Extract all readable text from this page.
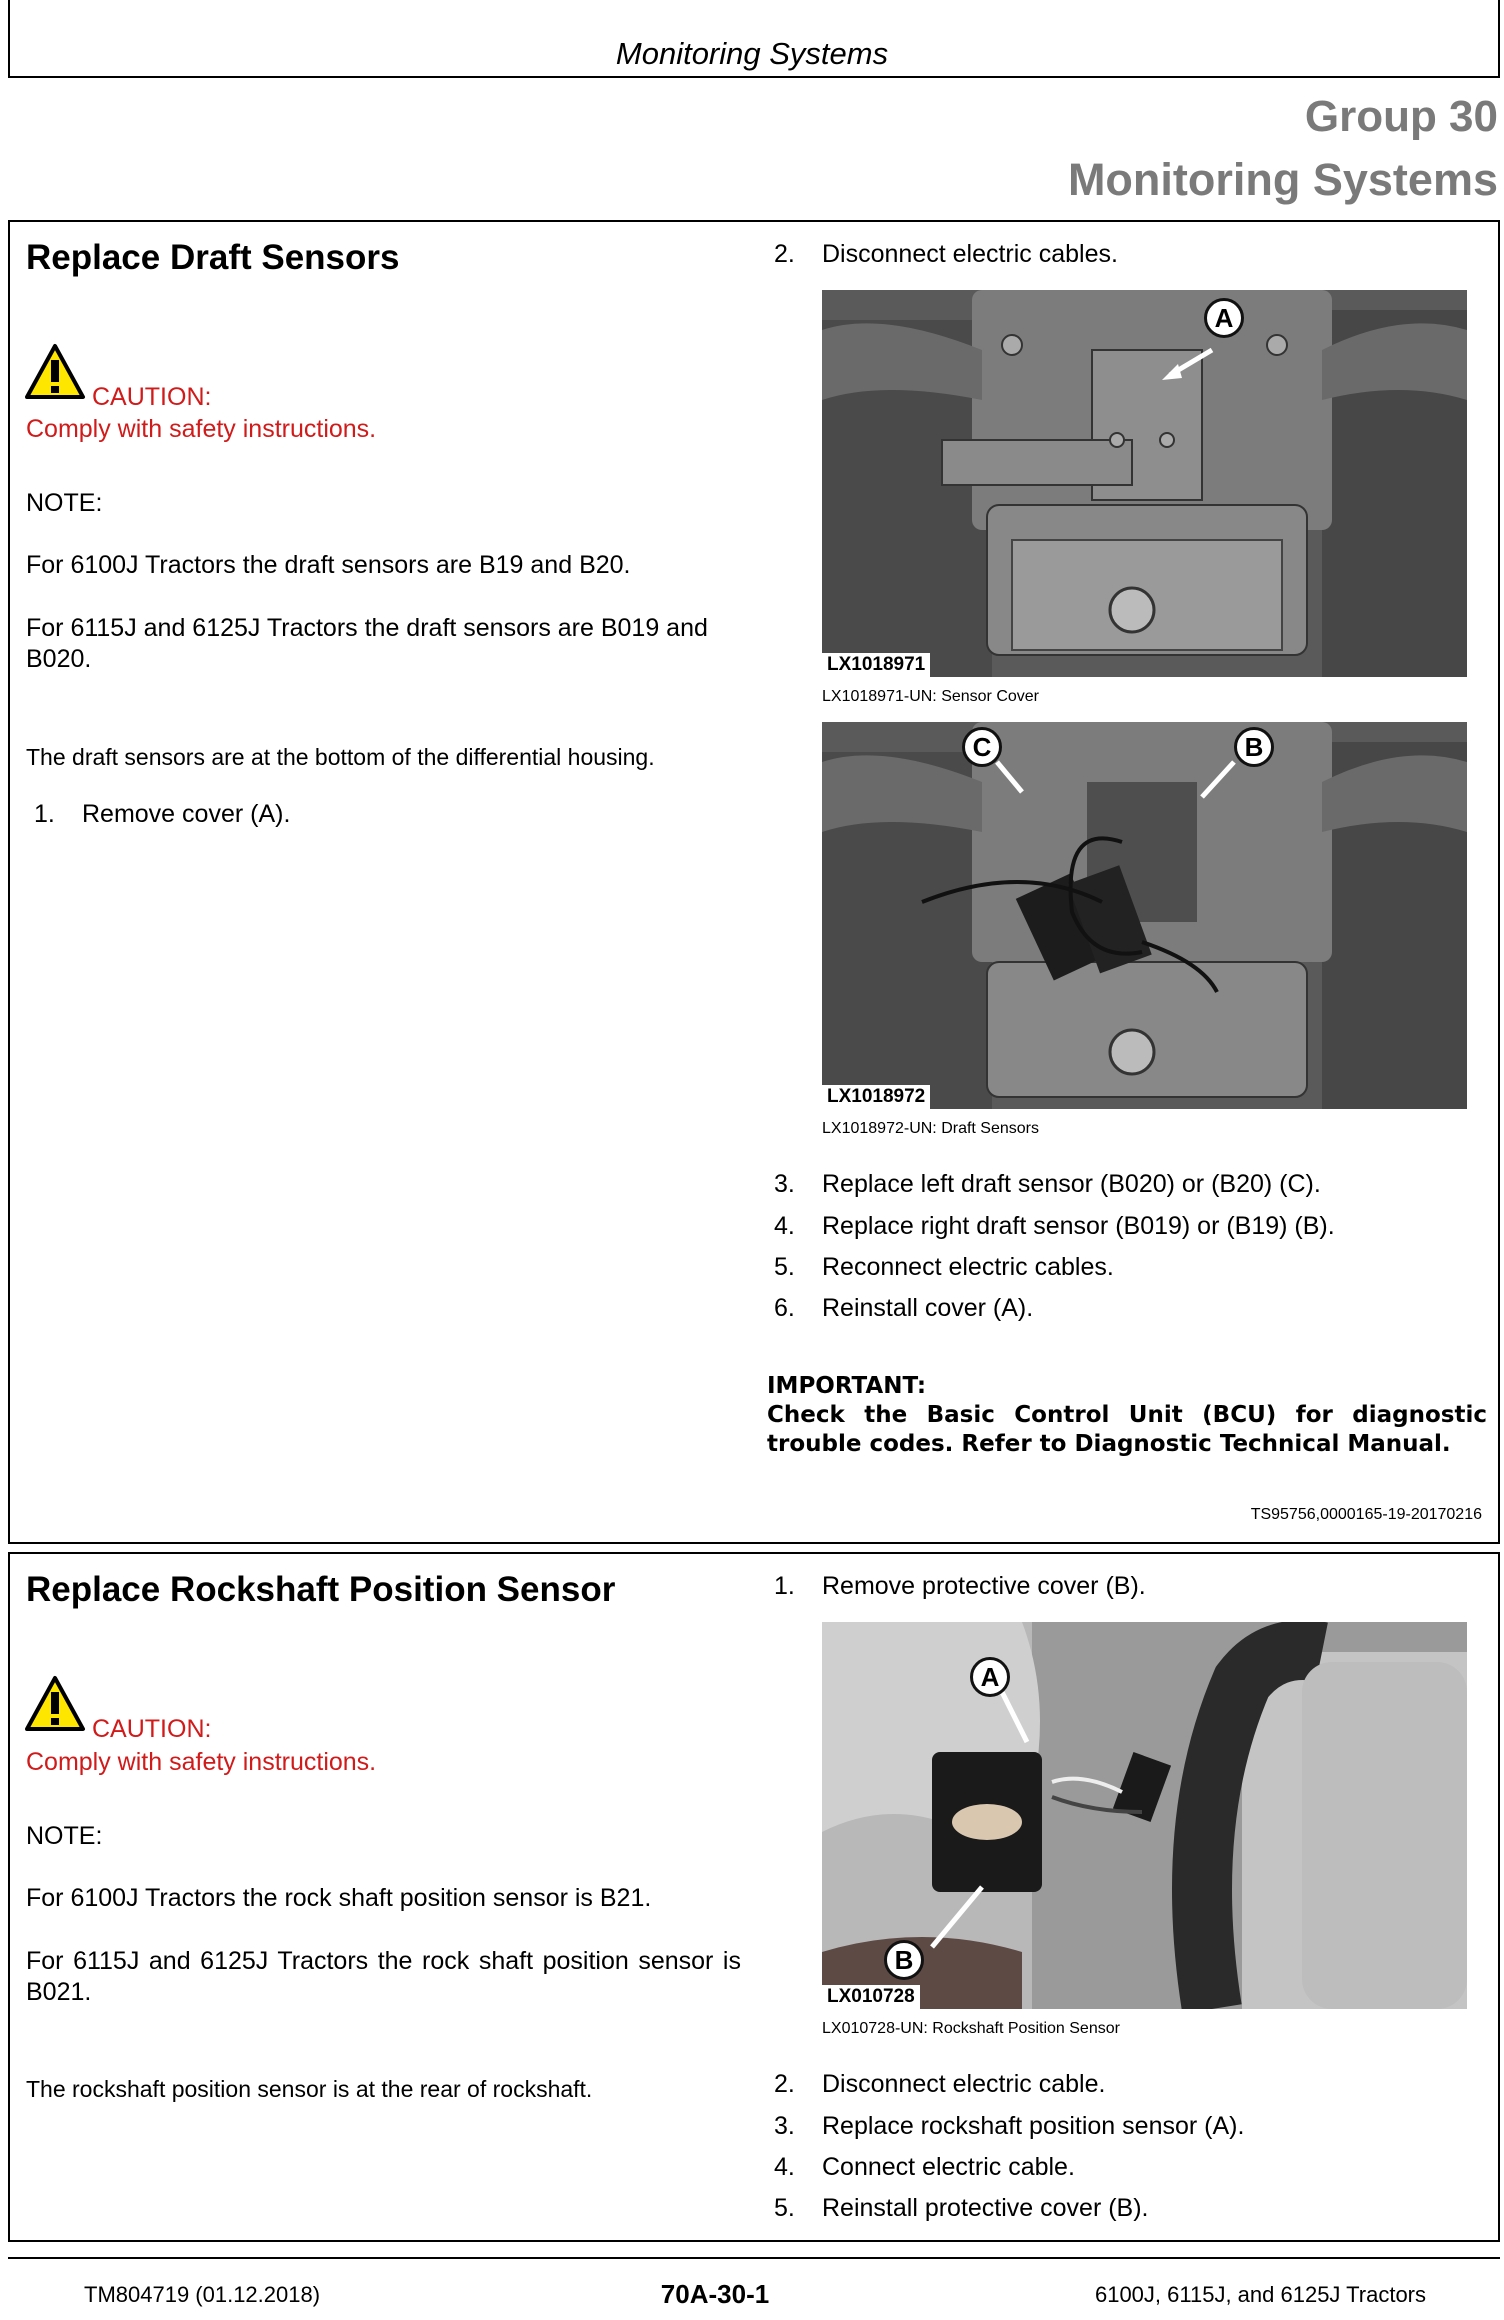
Monitoring Systems
Group 30
Monitoring Systems
Replace Draft Sensors
CAUTION:
Comply with safety instructions.
NOTE:
For 6100J Tractors the draft sensors are B19 and B20.
For 6115J and 6125J Tractors the draft sensors are B019 and B020.
The draft sensors are at the bottom of the differential housing.
1. Remove cover (A).
2. Disconnect electric cables.
A
LX1018971
LX1018971-UN: Sensor Cover
C	B
LX1018972
LX1018972-UN: Draft Sensors
3. Replace left draft sensor (B020) or (B20) (C).
4. Replace right draft sensor (B019) or (B19) (B).
5. Reconnect electric cables.
6. Reinstall cover (A).
IMPORTANT:
Check the Basic Control Unit (BCU) for diagnostic trouble codes. Refer to Diagnostic Technical Manual.
TS95756,0000165-19-20170216
Replace Rockshaft Position Sensor
CAUTION:
Comply with safety instructions.
NOTE:
For 6100J Tractors the rock shaft position sensor is B21.
For 6115J and 6125J Tractors the rock shaft position sensor is B021.
The rockshaft position sensor is at the rear of rockshaft.
1. Remove protective cover (B).
A
B
LX010728
LX010728-UN: Rockshaft Position Sensor
2. Disconnect electric cable.
3. Replace rockshaft position sensor (A).
4. Connect electric cable.
5. Reinstall protective cover (B).
TM804719 (01.12.2018)	70A-30-1	6100J, 6115J, and 6125J Tractors
